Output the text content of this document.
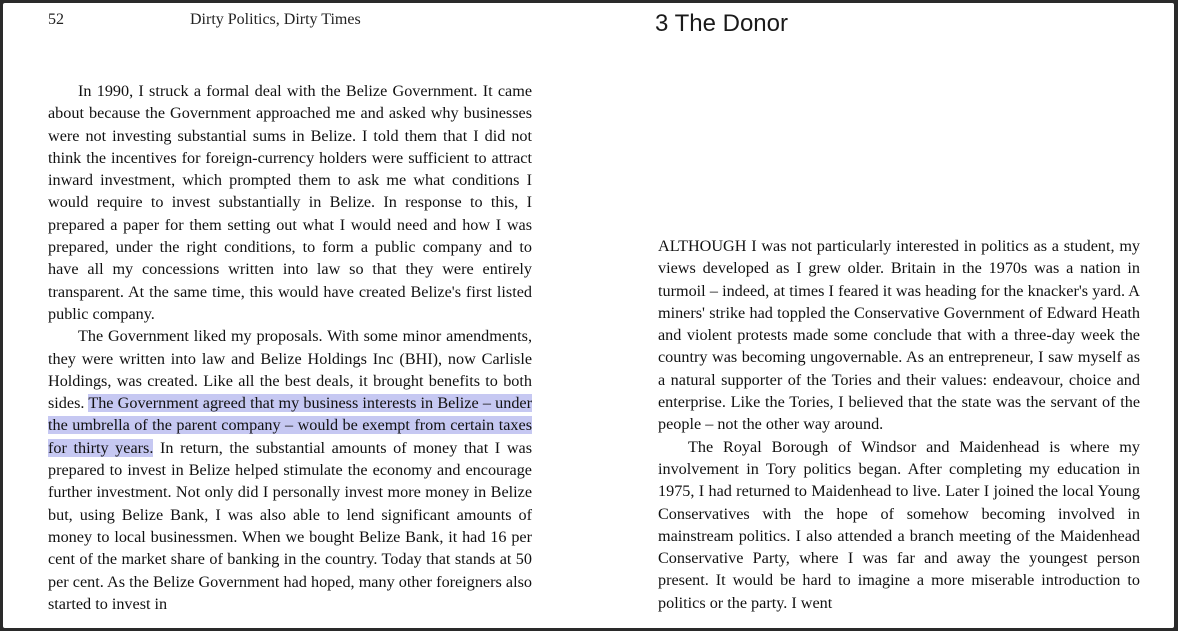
52	Dirty Politics, Dirty Times

In 1990, I struck a formal deal with the Belize Government. It came about because the Government approached me and asked why businesses were not investing substantial sums in Belize. I told them that I did not think the incentives for foreign-currency holders were sufficient to attract inward investment, which prompted them to ask me what conditions I would require to invest substantially in Belize. In response to this, I prepared a paper for them setting out what I would need and how I was prepared, under the right conditions, to form a public company and to have all my concessions written into law so that they were entirely transparent. At the same time, this would have created Belize's first listed public company.

The Government liked my proposals. With some minor amendments, they were written into law and Belize Holdings Inc (BHI), now Carlisle Holdings, was created. Like all the best deals, it brought benefits to both sides. The Government agreed that my business interests in Belize – under the umbrella of the parent company – would be exempt from certain taxes for thirty years. In return, the substantial amounts of money that I was prepared to invest in Belize helped stimulate the economy and encourage further investment. Not only did I personally invest more money in Belize but, using Belize Bank, I was also able to lend significant amounts of money to local businessmen. When we bought Belize Bank, it had 16 per cent of the market share of banking in the country. Today that stands at 50 per cent. As the Belize Government had hoped, many other foreigners also started to invest in

3 The Donor

ALTHOUGH I was not particularly interested in politics as a student, my views developed as I grew older. Britain in the 1970s was a nation in turmoil – indeed, at times I feared it was heading for the knacker's yard. A miners' strike had toppled the Conservative Government of Edward Heath and violent protests made some conclude that with a three-day week the country was becoming ungovernable. As an entrepreneur, I saw myself as a natural supporter of the Tories and their values: endeavour, choice and enterprise. Like the Tories, I believed that the state was the servant of the people – not the other way around.

The Royal Borough of Windsor and Maidenhead is where my involvement in Tory politics began. After completing my education in 1975, I had returned to Maidenhead to live. Later I joined the local Young Conservatives with the hope of somehow becoming involved in mainstream politics. I also attended a branch meeting of the Maidenhead Conservative Party, where I was far and away the youngest person present. It would be hard to imagine a more miserable introduction to politics or the party. I went
